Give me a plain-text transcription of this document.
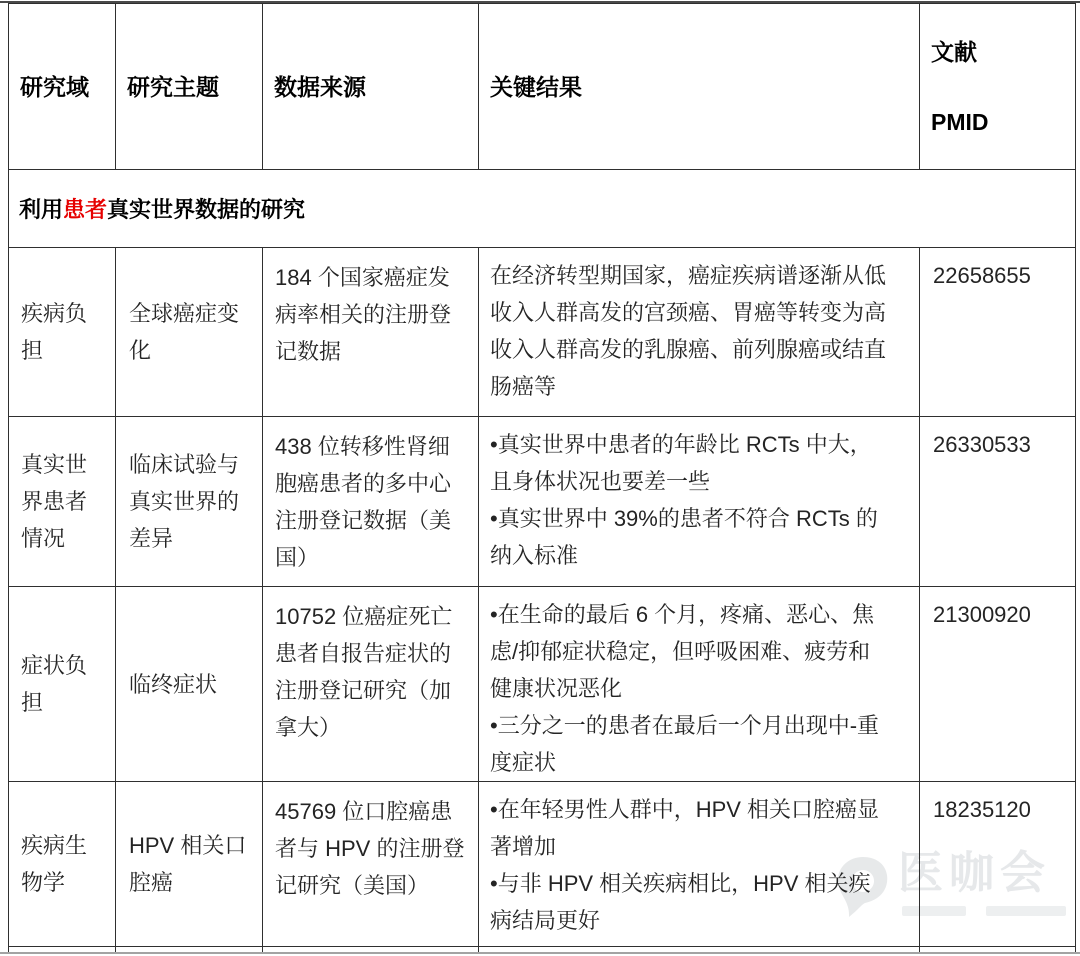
医咖会
研究域	研究主题	数据来源	关键结果	文献
PMID

利用患者真实世界数据的研究				
疾病负担	全球癌症变化	184 个国家癌症发病率相关的注册登记数据	在经济转型期国家，癌症疾病谱逐渐从低收入人群高发的宫颈癌、胃癌等转变为高收入人群高发的乳腺癌、前列腺癌或结直肠癌等	22658655
真实世界患者情况	临床试验与真实世界的差异	438 位转移性肾细胞癌患者的多中心注册登记数据（美国）	•真实世界中患者的年龄比 RCTs 中大，且身体状况也要差一些
•真实世界中 39%的患者不符合 RCTs 的纳入标准	26330533
症状负担	临终症状	10752 位癌症死亡患者自报告症状的注册登记研究（加拿大）	•在生命的最后 6 个月，疼痛、恶心、焦虑/抑郁症状稳定，但呼吸困难、疲劳和健康状况恶化
•三分之一的患者在最后一个月出现中-重度症状	21300920
疾病生物学	HPV 相关口腔癌	45769 位口腔癌患者与 HPV 的注册登记研究（美国）	•在年轻男性人群中，HPV 相关口腔癌显著增加
•与非 HPV 相关疾病相比，HPV 相关疾病结局更好	18235120
